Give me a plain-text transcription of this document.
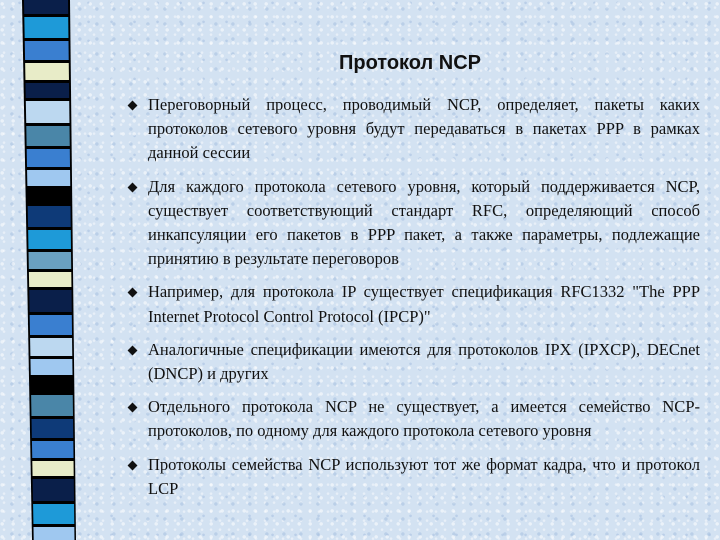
Протокол NCP
Переговорный процесс, проводимый NCP, определяет, пакеты каких протоколов сетевого уровня будут передаваться в пакетах PPP в рамках данной сессии
Для каждого протокола сетевого уровня, который поддерживается NCP, существует соответствующий стандарт RFC, определяющий способ инкапсуляции его пакетов в PPP пакет, а также параметры, подлежащие принятию в результате переговоров
Например, для протокола IP существует спецификация RFC1332 "The PPP Internet Protocol Control Protocol (IPCP)"
Аналогичные спецификации имеются для протоколов IPX (IPXCP), DECnet (DNCP) и других
Отдельного протокола NCP не существует, а имеется семейство NCP-протоколов, по одному для каждого протокола сетевого уровня
Протоколы семейства NCP используют тот же формат кадра, что и протокол LCP
